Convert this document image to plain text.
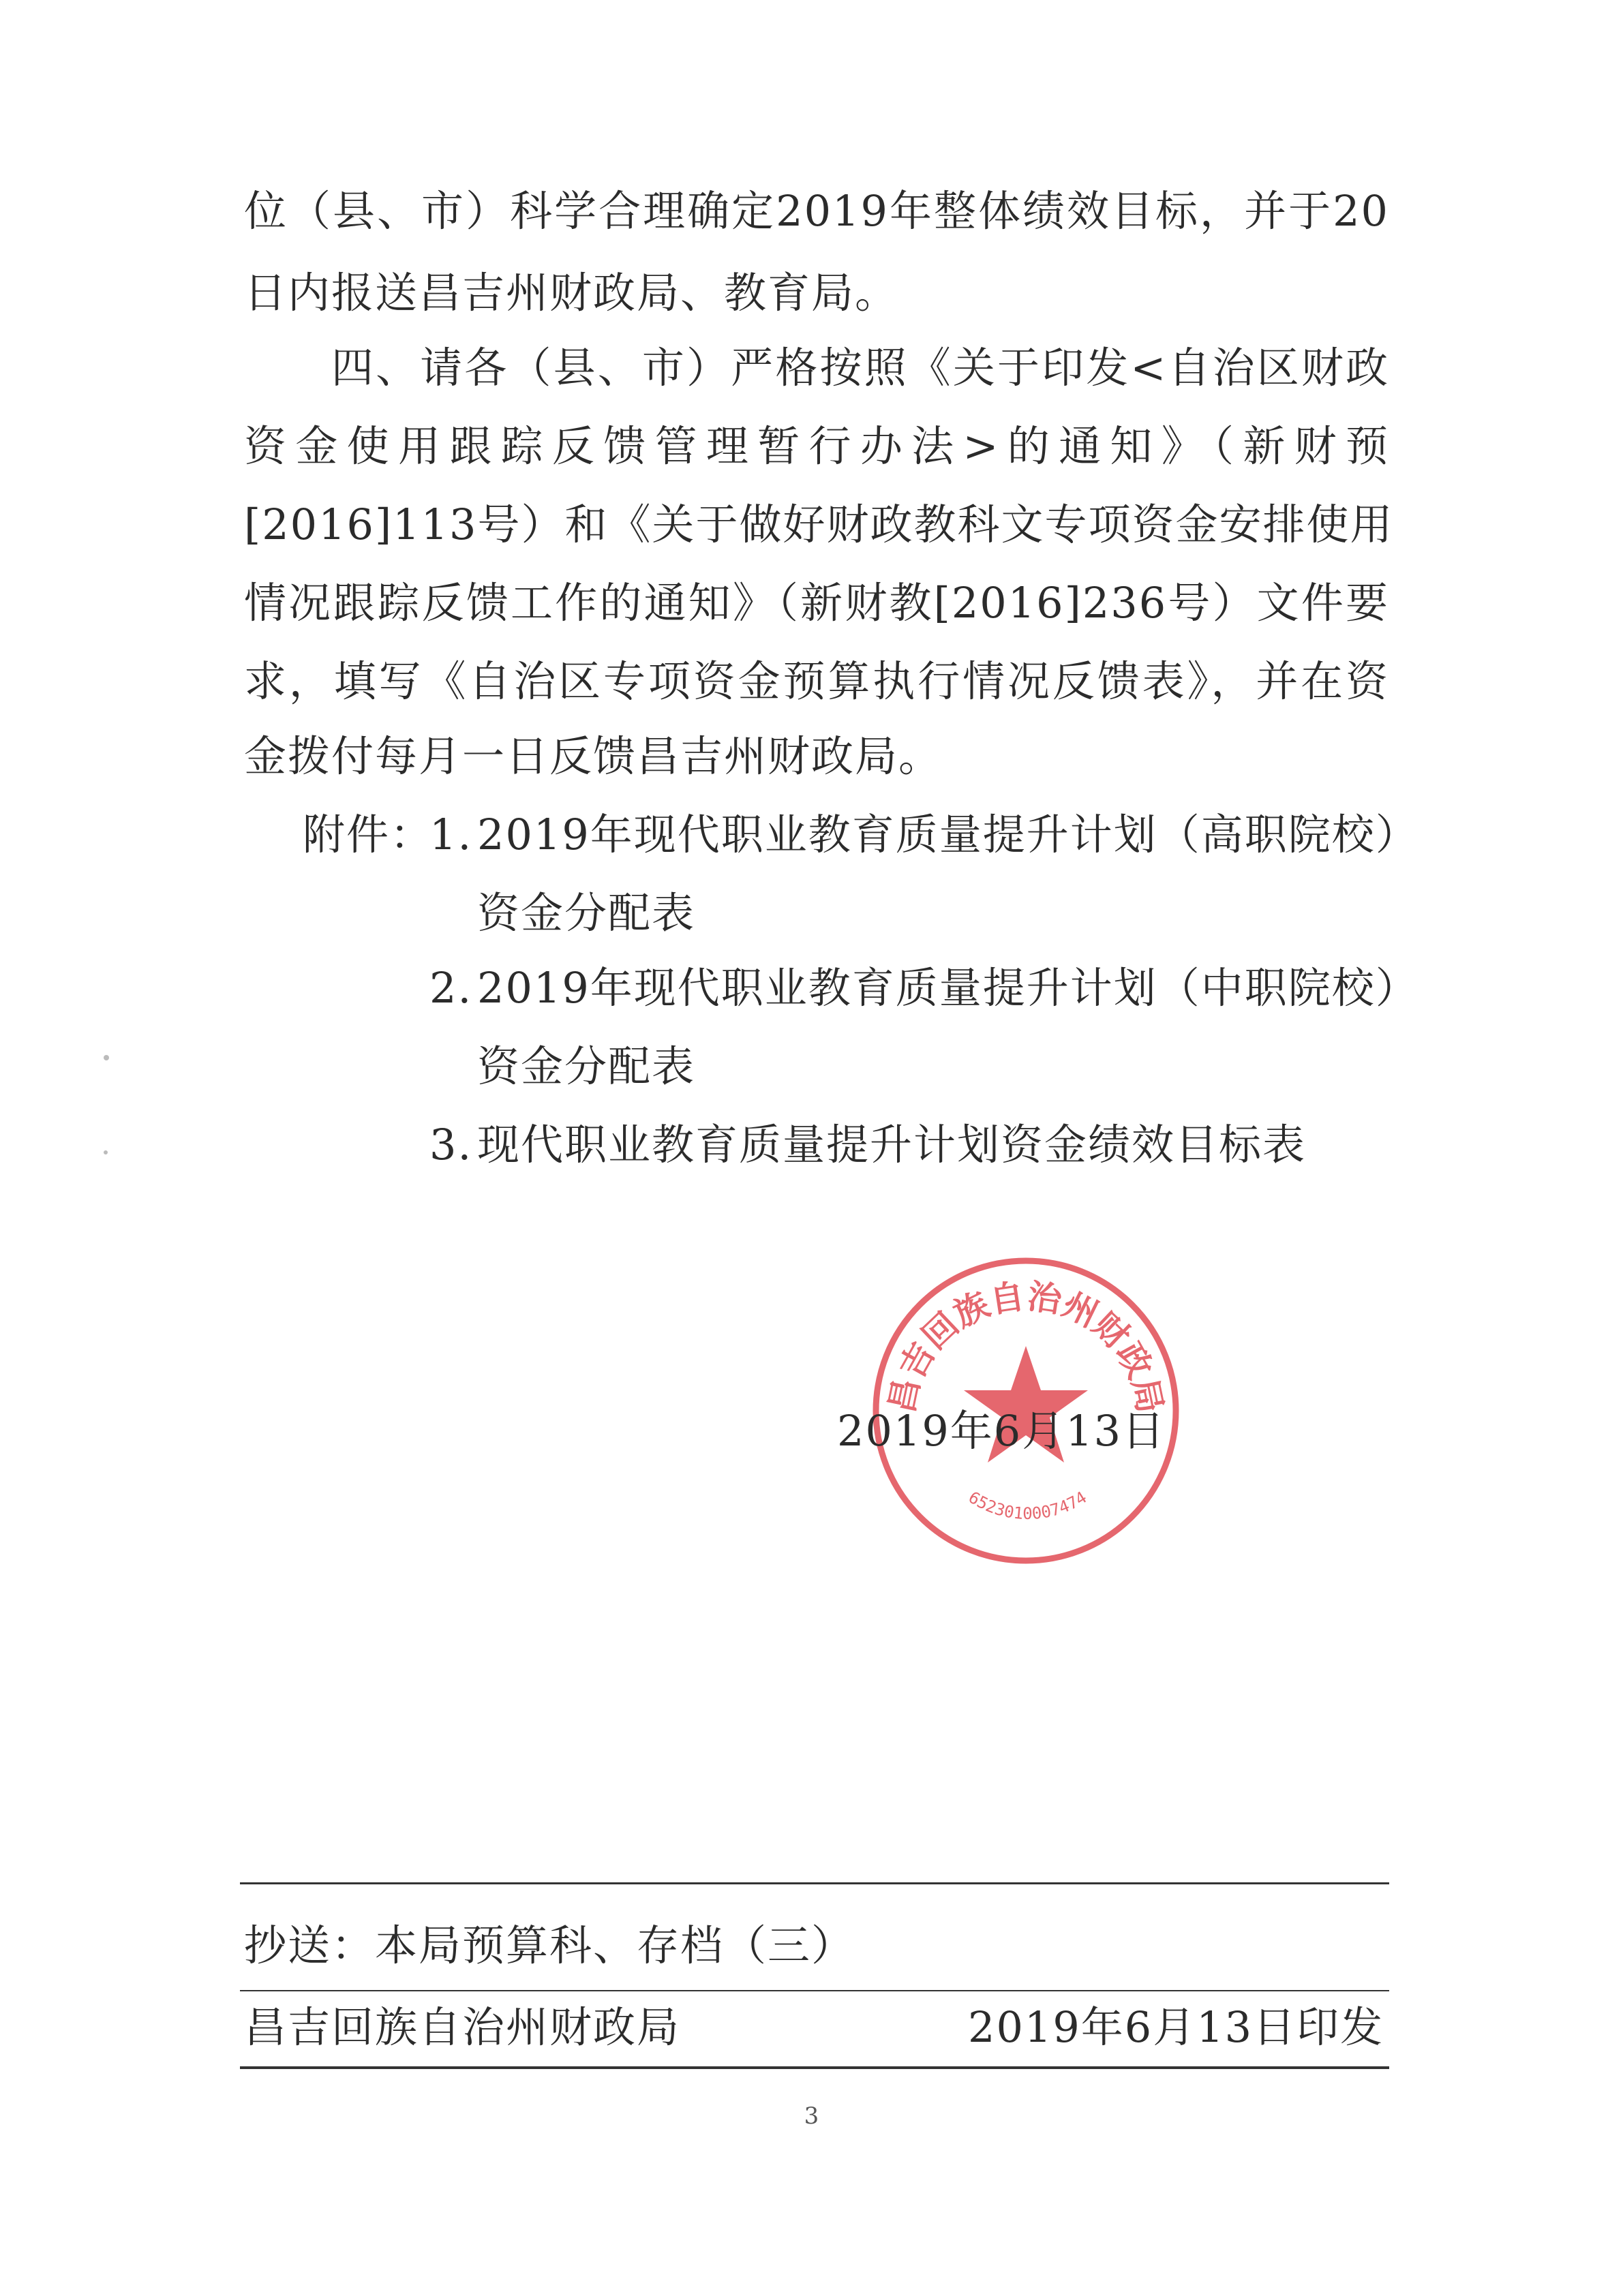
位（县、市）科学合理确定2019年整体绩效目标，并于20
日内报送昌吉州财政局、教育局。
四、请各（县、市）严格按照《关于印发<自治区财政
资金使用跟踪反馈管理暂行办法>的通知》（新财预
[2016]113号）和《关于做好财政教科文专项资金安排使用
情况跟踪反馈工作的通知》（新财教[2016]236号）文件要
求，填写《自治区专项资金预算执行情况反馈表》，并在资
金拨付每月一日反馈昌吉州财政局。
附件：
1. 2019年现代职业教育质量提升计划（高职院校）
资金分配表
2. 2019年现代职业教育质量提升计划（中职院校）
资金分配表
3. 现代职业教育质量提升计划资金绩效目标表
昌吉回族自治州财政局
6523010007474
2019年6月13日
抄送：本局预算科、存档（三）
昌吉回族自治州财政局	2019年6月13日印发
3
